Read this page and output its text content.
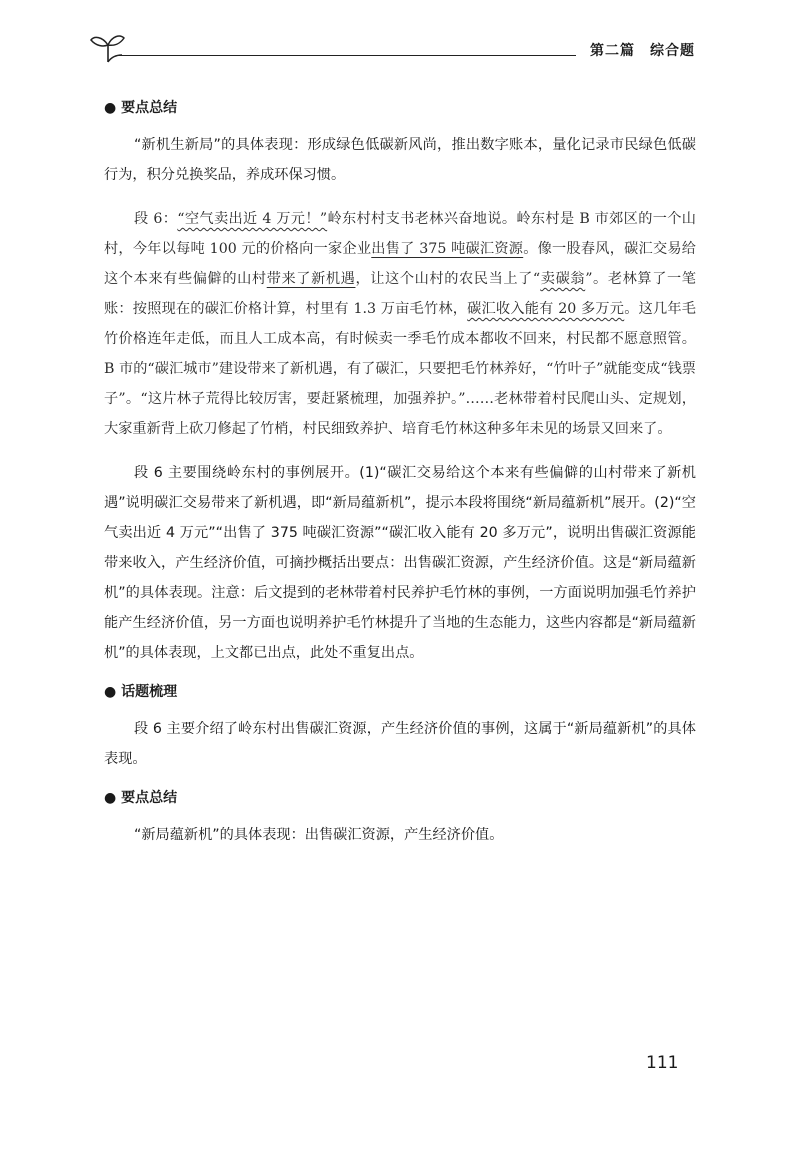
第二篇　综合题
● 要点总结

“新机生新局”的具体表现：形成绿色低碳新风尚，推出数字账本，量化记录市民绿色低碳行为，积分兑换奖品，养成环保习惯。

段 6：“空气卖出近 4 万元！”岭东村村支书老林兴奋地说。岭东村是 B 市郊区的一个山村，今年以每吨 100 元的价格向一家企业出售了 375 吨碳汇资源。像一股春风，碳汇交易给这个本来有些偏僻的山村带来了新机遇，让这个山村的农民当上了“卖碳翁”。老林算了一笔账：按照现在的碳汇价格计算，村里有 1.3 万亩毛竹林，碳汇收入能有 20 多万元。这几年毛竹价格连年走低，而且人工成本高，有时候卖一季毛竹成本都收不回来，村民都不愿意照管。B 市的“碳汇城市”建设带来了新机遇，有了碳汇，只要把毛竹林养好，“竹叶子”就能变成“钱票子”。“这片林子荒得比较厉害，要赶紧梳理，加强养护。”……老林带着村民爬山头、定规划，大家重新背上砍刀修起了竹梢，村民细致养护、培育毛竹林这种多年未见的场景又回来了。

段 6 主要围绕岭东村的事例展开。(1)“碳汇交易给这个本来有些偏僻的山村带来了新机遇”说明碳汇交易带来了新机遇，即“新局蕴新机”，提示本段将围绕“新局蕴新机”展开。(2)“空气卖出近 4 万元”“出售了 375 吨碳汇资源”“碳汇收入能有 20 多万元”，说明出售碳汇资源能带来收入，产生经济价值，可摘抄概括出要点：出售碳汇资源，产生经济价值。这是“新局蕴新机”的具体表现。注意：后文提到的老林带着村民养护毛竹林的事例，一方面说明加强毛竹养护能产生经济价值，另一方面也说明养护毛竹林提升了当地的生态能力，这些内容都是“新局蕴新机”的具体表现，上文都已出点，此处不重复出点。

● 话题梳理

段 6 主要介绍了岭东村出售碳汇资源，产生经济价值的事例，这属于“新局蕴新机”的具体表现。

● 要点总结

“新局蕴新机”的具体表现：出售碳汇资源，产生经济价值。

111
